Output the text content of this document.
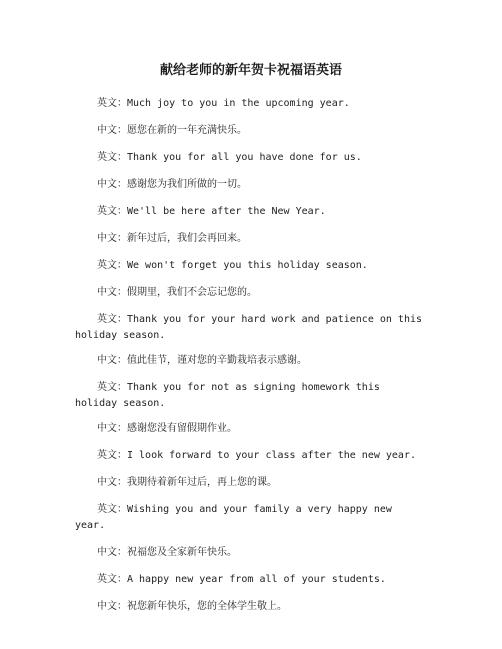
献给老师的新年贺卡祝福语英语

英文：Much joy to you in the upcoming year.

中文：愿您在新的一年充满快乐。

英文：Thank you for all you have done for us.

中文：感谢您为我们所做的一切。

英文：We'll be here after the New Year.

中文：新年过后，我们会再回来。

英文：We won't forget you this holiday season.

中文：假期里，我们不会忘记您的。

英文：Thank you for your hard work and patience on this holiday season.

中文：值此佳节，谨对您的辛勤栽培表示感谢。

英文：Thank you for not as signing homework this holiday season.

中文：感谢您没有留假期作业。

英文：I look forward to your class after the new year.

中文：我期待着新年过后，再上您的课。

英文：Wishing you and your family a very happy new year.

中文：祝福您及全家新年快乐。

英文：A happy new year from all of your students.

中文：祝您新年快乐，您的全体学生敬上。
